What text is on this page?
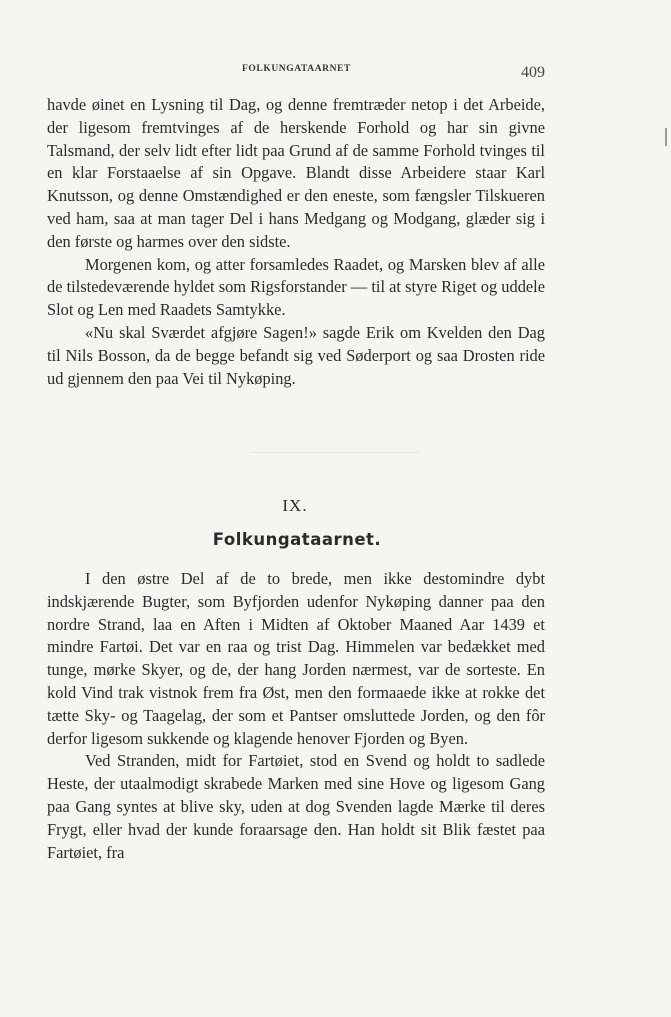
FOLKUNGATAARNET	409

havde øinet en Lysning til Dag, og denne fremtræder netop i det Arbeide, der ligesom fremtvinges af de herskende Forhold og har sin givne Talsmand, der selv lidt efter lidt paa Grund af de samme Forhold tvinges til en klar Forstaaelse af sin Opgave. Blandt disse Arbeidere staar Karl Knutsson, og denne Omstændighed er den eneste, som fængsler Tilskueren ved ham, saa at man tager Del i hans Medgang og Modgang, glæder sig i den første og harmes over den sidste.

Morgenen kom, og atter forsamledes Raadet, og Marsken blev af alle de tilstedeværende hyldet som Rigsforstander — til at styre Riget og uddele Slot og Len med Raadets Samtykke.

«Nu skal Sværdet afgjøre Sagen!» sagde Erik om Kvelden den Dag til Nils Bosson, da de begge befandt sig ved Søderport og saa Drosten ride ud gjennem den paa Vei til Nykøping.

IX.
Folkungataarnet.

I den østre Del af de to brede, men ikke destomindre dybt indskjærende Bugter, som Byfjorden udenfor Nykøping danner paa den nordre Strand, laa en Aften i Midten af Oktober Maaned Aar 1439 et mindre Fartøi. Det var en raa og trist Dag. Himmelen var bedækket med tunge, mørke Skyer, og de, der hang Jorden nærmest, var de sorteste. En kold Vind trak vistnok frem fra Øst, men den formaaede ikke at rokke det tætte Sky- og Taagelag, der som et Pantser omsluttede Jorden, og den fôr derfor ligesom sukkende og klagende henover Fjorden og Byen.

Ved Stranden, midt for Fartøiet, stod en Svend og holdt to sadlede Heste, der utaalmodigt skrabede Marken med sine Hove og ligesom Gang paa Gang syntes at blive sky, uden at dog Svenden lagde Mærke til deres Frygt, eller hvad der kunde foraarsage den. Han holdt sit Blik fæstet paa Fartøiet, fra
